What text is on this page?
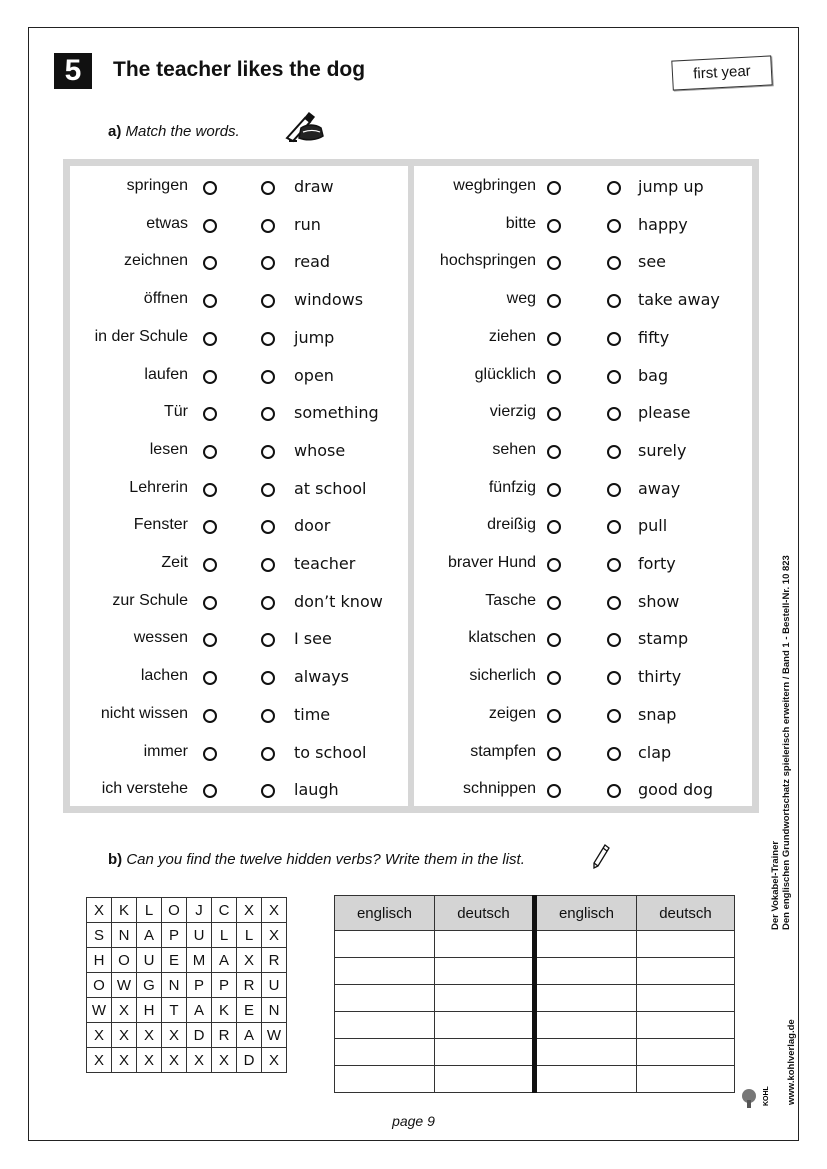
5	The teacher likes the dog	first year
a) Match the words.
springen	draw
etwas	run
zeichnen	read
öffnen	windows
in der Schule	jump
laufen	open
Tür	something
lesen	whose
Lehrerin	at school
Fenster	door
Zeit	teacher
zur Schule	don’t know
wessen	I see
lachen	always
nicht wissen	time
immer	to school
ich verstehe	laugh
wegbringen	jump up
bitte	happy
hochspringen	see
weg	take away
ziehen	fifty
glücklich	bag
vierzig	please
sehen	surely
fünfzig	away
dreißig	pull
braver Hund	forty
Tasche	show
klatschen	stamp
sicherlich	thirty
zeigen	snap
stampfen	clap
schnippen	good dog
b) Can you find the twelve hidden verbs? Write them in the list.
X	K	L	O	J	C	X	X
S	N	A	P	U	L	L	X
H	O	U	E	M	A	X	R
O	W	G	N	P	P	R	U
W	X	H	T	A	K	E	N
X	X	X	X	D	R	A	W
X	X	X	X	X	X	D	X
englisch	deutsch	englisch	deutsch

page 9
Der Vokabel-Trainer Den englischen Grundwortschatz spielerisch erweitern / Band 1 - Bestell-Nr. 10 823
www.kohlverlag.de
KOHL
